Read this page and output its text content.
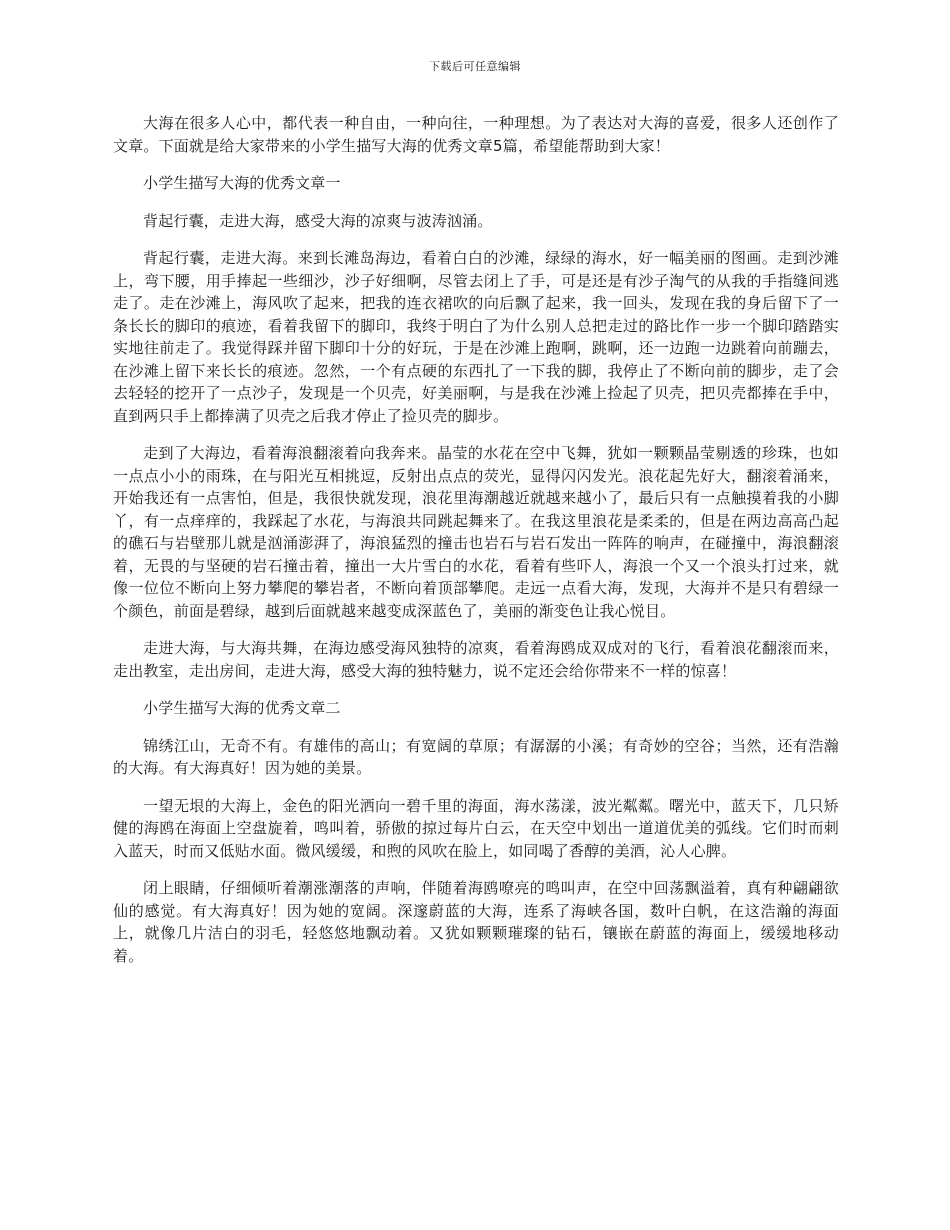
下载后可任意编辑

大海在很多人心中，都代表一种自由，一种向往，一种理想。为了表达对大海的喜爱，很多人还创作了文章。下面就是给大家带来的小学生描写大海的优秀文章5篇，希望能帮助到大家！

小学生描写大海的优秀文章一

背起行囊，走进大海，感受大海的凉爽与波涛汹涌。

背起行囊，走进大海。来到长滩岛海边，看着白白的沙滩，绿绿的海水，好一幅美丽的图画。走到沙滩上，弯下腰，用手捧起一些细沙，沙子好细啊，尽管去闭上了手，可是还是有沙子淘气的从我的手指缝间逃走了。走在沙滩上，海风吹了起来，把我的连衣裙吹的向后飘了起来，我一回头，发现在我的身后留下了一条长长的脚印的痕迹，看着我留下的脚印，我终于明白了为什么别人总把走过的路比作一步一个脚印踏踏实实地往前走了。我觉得踩并留下脚印十分的好玩，于是在沙滩上跑啊，跳啊，还一边跑一边跳着向前蹦去，在沙滩上留下来长长的痕迹。忽然，一个有点硬的东西扎了一下我的脚，我停止了不断向前的脚步，走了会去轻轻的挖开了一点沙子，发现是一个贝壳，好美丽啊，与是我在沙滩上捡起了贝壳，把贝壳都捧在手中，直到两只手上都捧满了贝壳之后我才停止了捡贝壳的脚步。

走到了大海边，看着海浪翻滚着向我奔来。晶莹的水花在空中飞舞，犹如一颗颗晶莹剔透的珍珠，也如一点点小小的雨珠，在与阳光互相挑逗，反射出点点的荧光，显得闪闪发光。浪花起先好大，翻滚着涌来，开始我还有一点害怕，但是，我很快就发现，浪花里海潮越近就越来越小了，最后只有一点触摸着我的小脚丫，有一点痒痒的，我踩起了水花，与海浪共同跳起舞来了。在我这里浪花是柔柔的，但是在两边高高凸起的礁石与岩壁那儿就是汹涌澎湃了，海浪猛烈的撞击也岩石与岩石发出一阵阵的响声，在碰撞中，海浪翻滚着，无畏的与坚硬的岩石撞击着，撞出一大片雪白的水花，看着有些吓人，海浪一个又一个浪头打过来，就像一位位不断向上努力攀爬的攀岩者，不断向着顶部攀爬。走远一点看大海，发现，大海并不是只有碧绿一个颜色，前面是碧绿，越到后面就越来越变成深蓝色了，美丽的渐变色让我心悦目。

走进大海，与大海共舞，在海边感受海风独特的凉爽，看着海鸥成双成对的飞行，看着浪花翻滚而来，走出教室，走出房间，走进大海，感受大海的独特魅力，说不定还会给你带来不一样的惊喜！

小学生描写大海的优秀文章二

锦绣江山，无奇不有。有雄伟的高山；有宽阔的草原；有潺潺的小溪；有奇妙的空谷；当然，还有浩瀚的大海。有大海真好！因为她的美景。

一望无垠的大海上，金色的阳光洒向一碧千里的海面，海水荡漾，波光粼粼。曙光中，蓝天下，几只矫健的海鸥在海面上空盘旋着，鸣叫着，骄傲的掠过每片白云，在天空中划出一道道优美的弧线。它们时而刺入蓝天，时而又低贴水面。微风缓缓，和煦的风吹在脸上，如同喝了香醇的美酒，沁人心脾。

闭上眼睛，仔细倾听着潮涨潮落的声响，伴随着海鸥嘹亮的鸣叫声，在空中回荡飘溢着，真有种翩翩欲仙的感觉。有大海真好！因为她的宽阔。深邃蔚蓝的大海，连系了海峡各国，数叶白帆，在这浩瀚的海面上，就像几片洁白的羽毛，轻悠悠地飘动着。又犹如颗颗璀璨的钻石，镶嵌在蔚蓝的海面上，缓缓地移动着。
